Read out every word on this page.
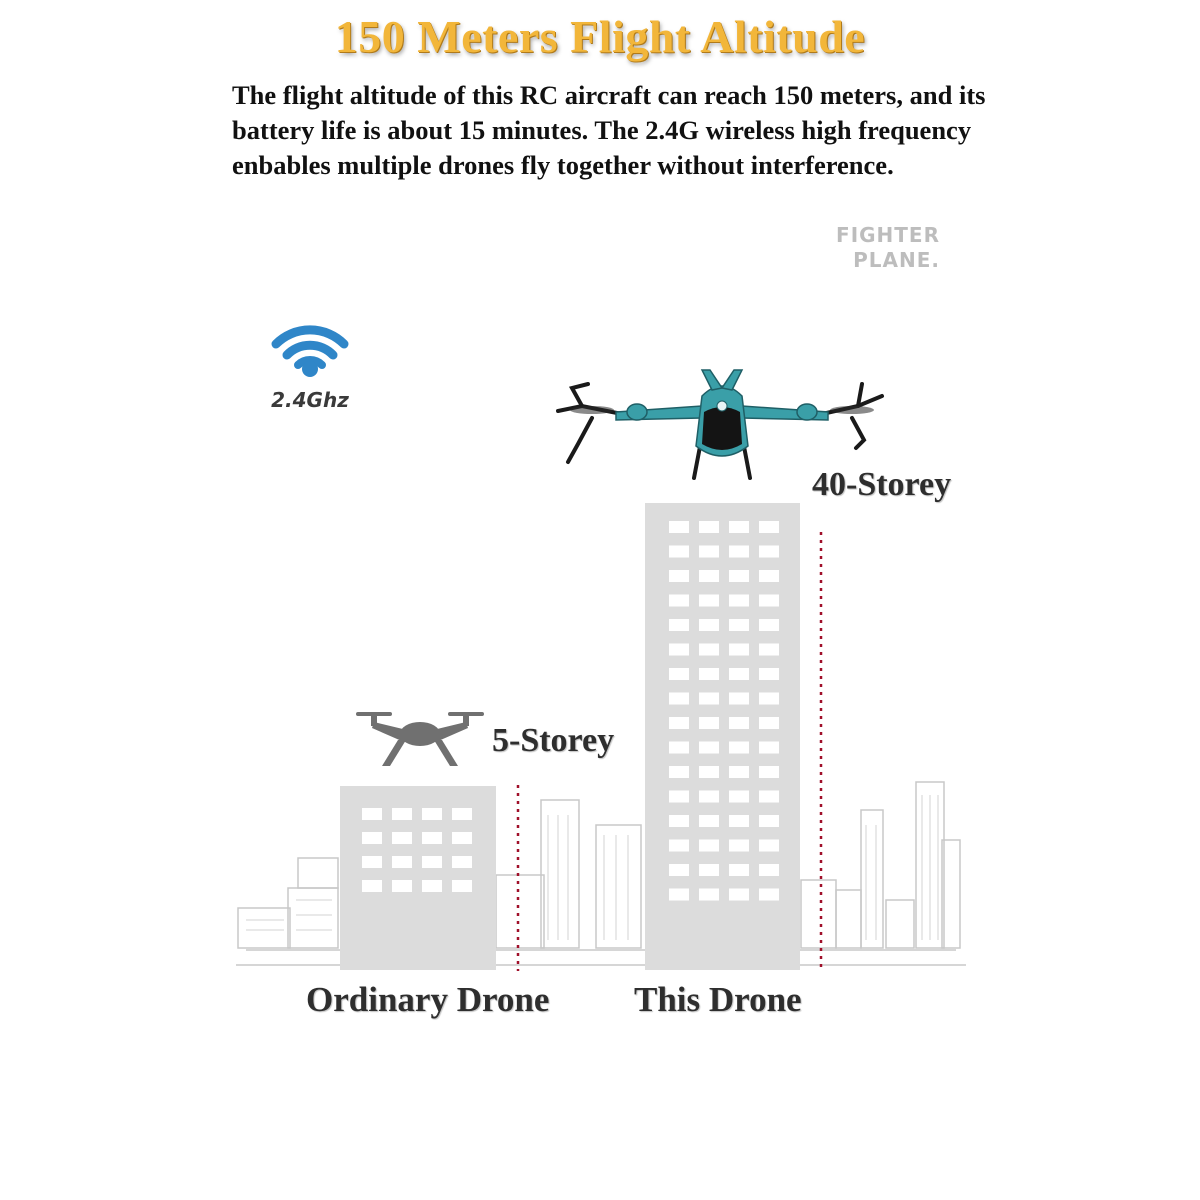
150 Meters Flight Altitude
The flight altitude of this RC aircraft can reach 150 meters, and its battery life is about 15 minutes. The 2.4G wireless high frequency enbables multiple drones fly together without interference.
FIGHTER
PLANE.
2.4Ghz
5-Storey
40-Storey
Ordinary Drone This Drone
